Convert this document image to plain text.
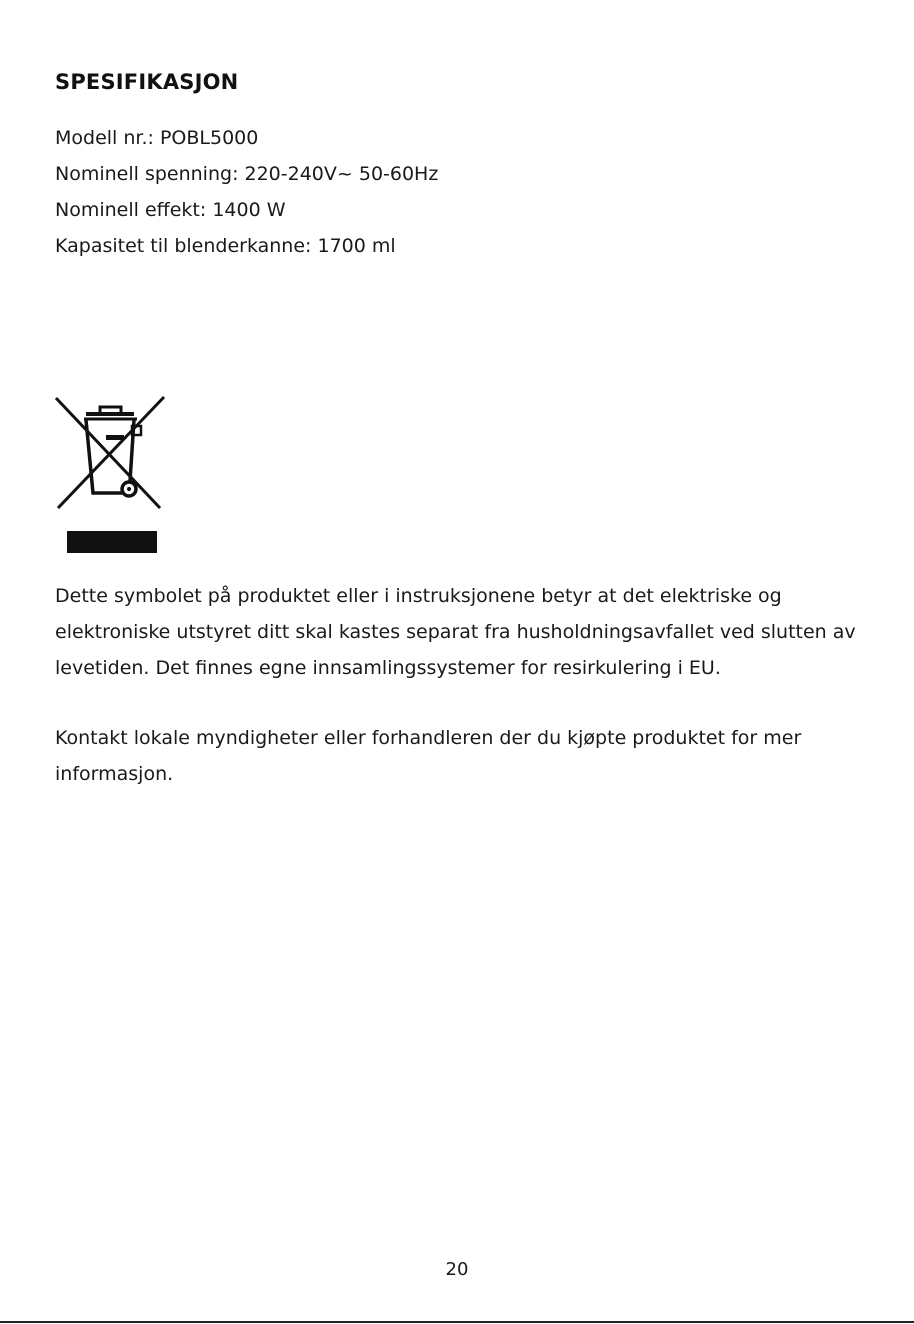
SPESIFIKASJON
Modell nr.: POBL5000
Nominell spenning: 220-240V~ 50-60Hz
Nominell effekt: 1400 W
Kapasitet til blenderkanne: 1700 ml

Dette symbolet på produktet eller i instruksjonene betyr at det elektriske og elektroniske utstyret ditt skal kastes separat fra husholdningsavfallet ved slutten av levetiden. Det finnes egne innsamlingssystemer for resirkulering i EU.

Kontakt lokale myndigheter eller forhandleren der du kjøpte produktet for mer informasjon.

20
